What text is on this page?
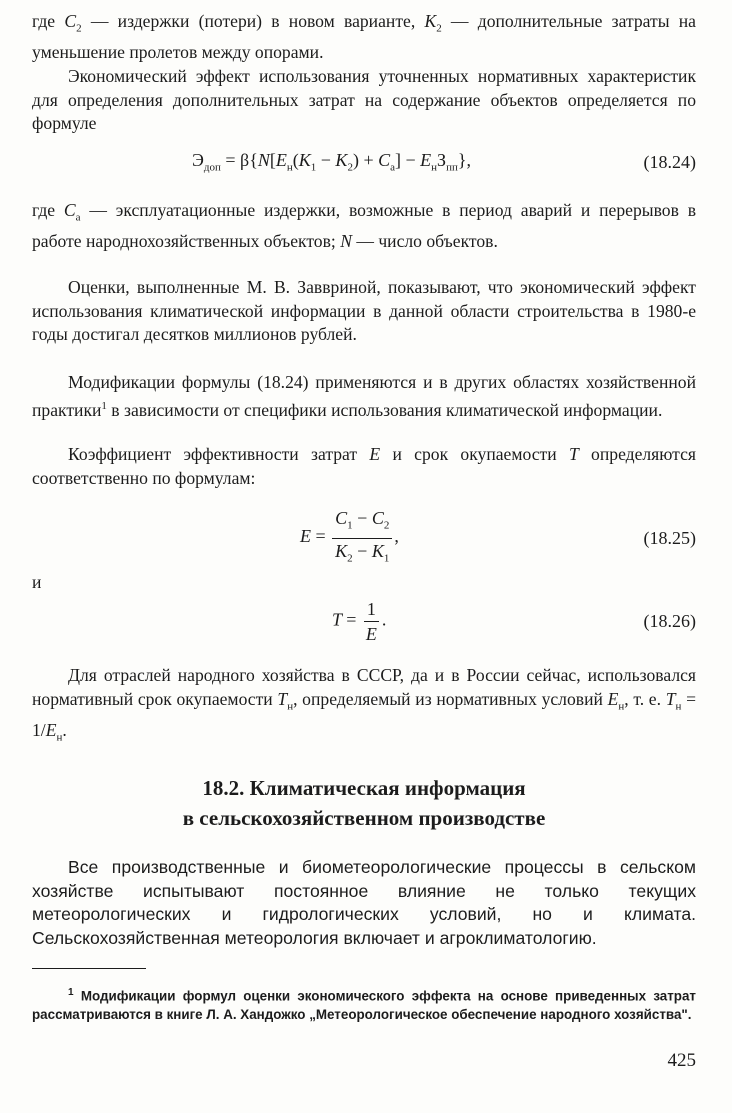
где $C_2$ — издержки (потери) в новом варианте, $K_2$ — дополнительные затраты на уменьшение пролетов между опорами.

Экономический эффект использования уточненных нормативных характеристик для определения дополнительных затрат на содержание объектов определяется по формуле

$Э_{доп} = \beta\{N[E_н(K_1 - K_2) + C_а] - E_нЗ_{пп}\}$,	(18.24)

где $C_а$ — эксплуатационные издержки, возможные в период аварий и перерывов в работе народнохозяйственных объектов; N — число объектов.

Оценки, выполненные М. В. Заввриной, показывают, что экономический эффект использования климатической информации в данной области строительства в 1980-е годы достигал десятков миллионов рублей.

Модификации формулы (18.24) применяются и в других областях хозяйственной практики$^1$ в зависимости от специфики использования климатической информации.

Коэффициент эффективности затрат E и срок окупаемости T определяются соответственно по формулам:

$E = \frac{C_1 - C_2}{K_2 - K_1}$ ,	(18.25)
и
$T = \frac{1}{E}$ .	(18.26)

Для отраслей народного хозяйства в СССР, да и в России сейчас, использовался нормативный срок окупаемости $T_н$, определяемый из нормативных условий $E_н$, т. е. $T_н = 1/E_н$.

18.2. Климатическая информация
в сельскохозяйственном производстве

Все производственные и биометеорологические процессы в сельском хозяйстве испытывают постоянное влияние не только текущих метеорологических и гидрологических условий, но и климата. Сельскохозяйственная метеорология включает и агроклиматологию.

$^1$ Модификации формул оценки экономического эффекта на основе приведенных затрат рассматриваются в книге Л. А. Хандожко „Метеорологическое обеспечение народного хозяйства".

425
